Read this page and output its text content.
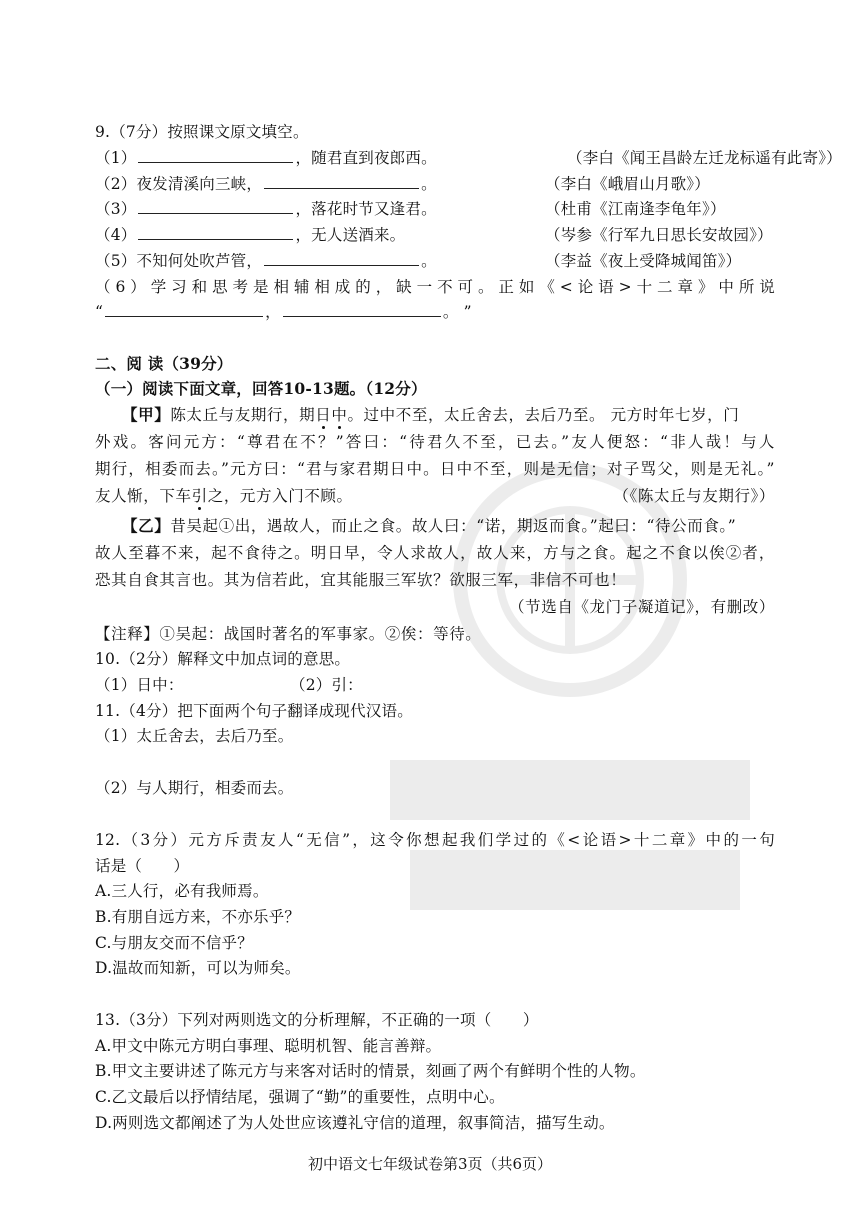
9.（7分）按照课文原文填空。
（1）	，随君直到夜郎西。	（李白《闻王昌龄左迁龙标遥有此寄》）
（2）夜发清溪向三峡，	。	（李白《峨眉山月歌》）
（3）	，落花时节又逢君。	（杜甫《江南逢李龟年》）
（4）	，无人送酒来。	（岑参《行军九日思长安故园》）
（5）不知何处吹芦管，	。	（李益《夜上受降城闻笛》）
（6）学习和思考是相辅相成的，缺一不可。正如《<论语>十二章》中所说
“	，	。 ”
二、阅 读（39分）
（一）阅读下面文章，回答10-13题。（12分）
【甲】陈太丘与友期行，期日中。过中不至，太丘舍去，去后乃至。 元方时年七岁，门
外戏。客问元方：“尊君在不？”答曰：“待君久不至，已去。”友人便怒：“非人哉！与人
期行，相委而去。”元方曰：“君与家君期日中。日中不至，则是无信；对子骂父，则是无礼。”
友人惭，下车引之，元方入门不顾。	（《陈太丘与友期行》）
【乙】昔吴起①出，遇故人，而止之食。故人曰：“诺，期返而食。”起曰：“待公而食。”
故人至暮不来，起不食待之。明日早，令人求故人，故人来，方与之食。起之不食以俟②者，
恐其自食其言也。其为信若此，宜其能服三军欤？欲服三军，非信不可也！
（节选自《龙门子凝道记》，有删改）
【注释】①吴起：战国时著名的军事家。②俟：等待。
10.（2分）解释文中加点词的意思。
（1）日中：	（2）引：
11.（4分）把下面两个句子翻译成现代汉语。
（1）太丘舍去，去后乃至。
（2）与人期行，相委而去。
12.（3分）元方斥责友人“无信”，这令你想起我们学过的《<论语>十二章》中的一句
话是（　　）
A.三人行，必有我师焉。
B.有朋自远方来，不亦乐乎？
C.与朋友交而不信乎？
D.温故而知新，可以为师矣。
13.（3分）下列对两则选文的分析理解，不正确的一项（　　）
A.甲文中陈元方明白事理、聪明机智、能言善辩。
B.甲文主要讲述了陈元方与来客对话时的情景，刻画了两个有鲜明个性的人物。
C.乙文最后以抒情结尾，强调了“勤”的重要性，点明中心。
D.两则选文都阐述了为人处世应该遵礼守信的道理，叙事简洁，描写生动。
初中语文七年级试卷第3页（共6页）
